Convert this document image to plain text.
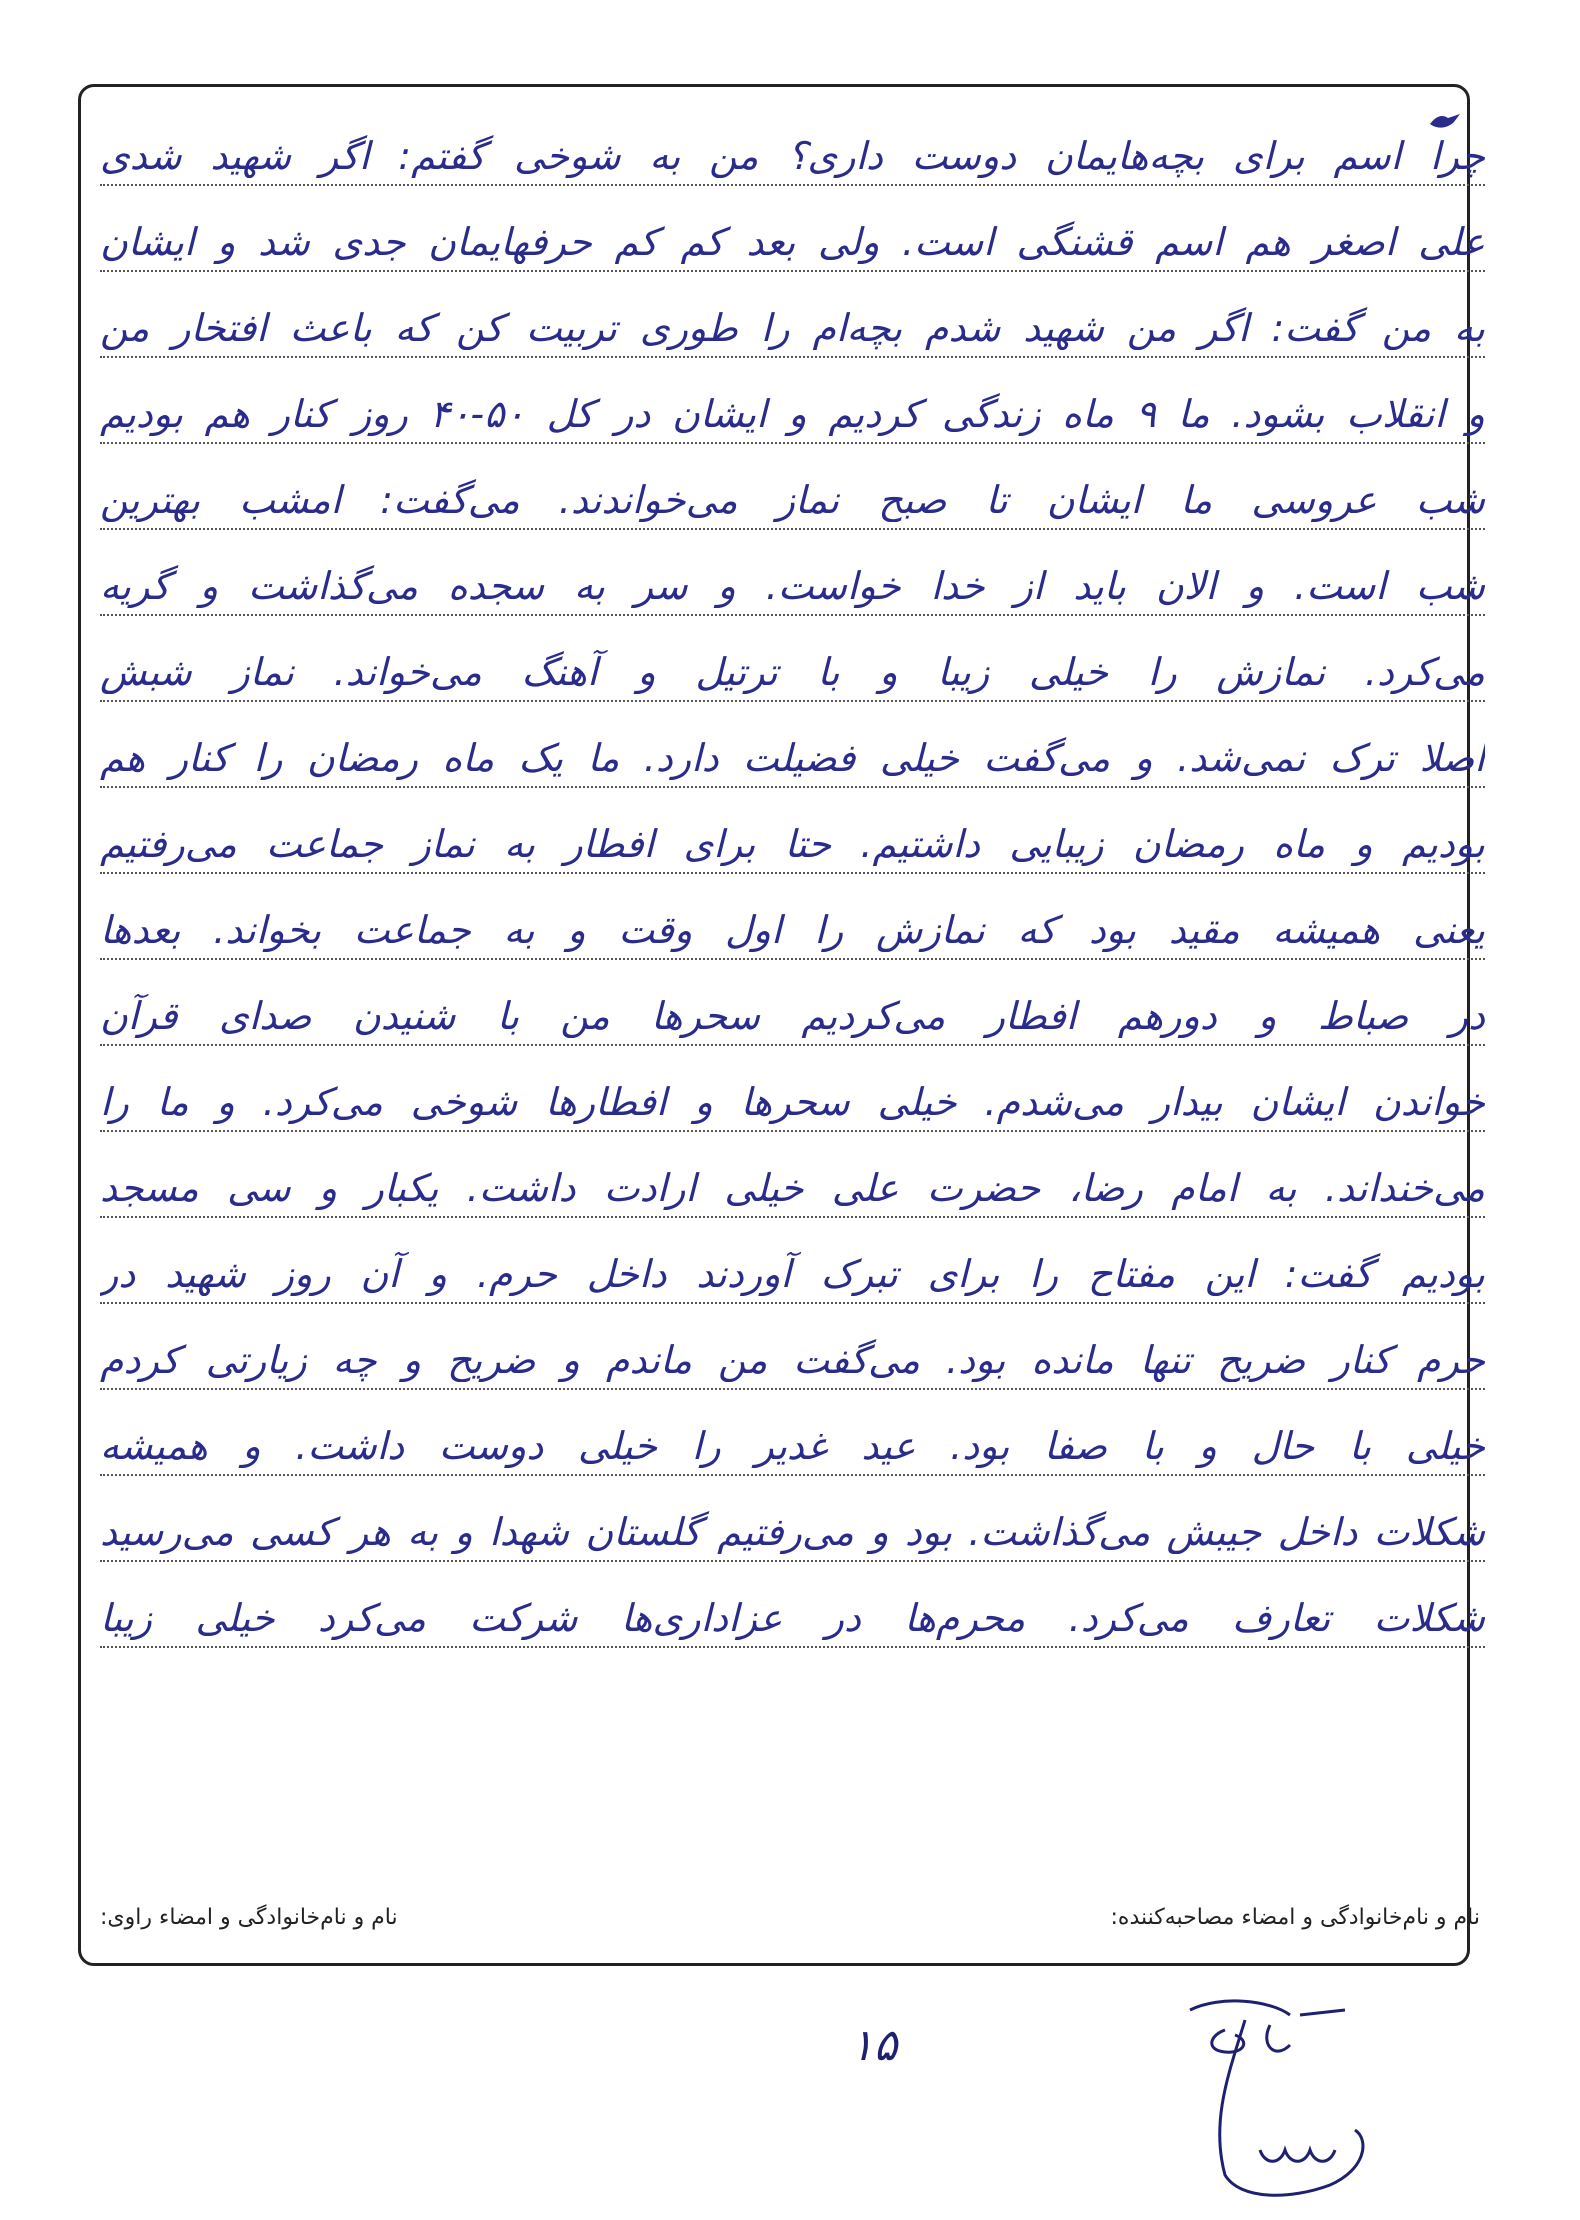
چرا اسم برای بچه‌هایمان دوست داری؟ من به شوخی گفتم: اگر شهید شدی
علی اصغر هم اسم قشنگی است. ولی بعد کم کم حرفهایمان جدی شد و ایشان
به من گفت: اگر من شهید شدم بچه‌ام را طوری تربیت کن که باعث افتخار من
و انقلاب بشود. ما ۹ ماه زندگی کردیم و ایشان در کل ۵۰-۴۰ روز کنار هم بودیم
شب عروسی ما ایشان تا صبح نماز می‌خواندند. می‌گفت: امشب بهترین
شب است. و الان باید از خدا خواست. و سر به سجده می‌گذاشت و گریه
می‌کرد. نمازش را خیلی زیبا و با ترتیل و آهنگ می‌خواند. نماز شبش
اصلا ترک نمی‌شد. و می‌گفت خیلی فضیلت دارد. ما یک ماه رمضان را کنار هم
بودیم و ماه رمضان زیبایی داشتیم. حتا برای افطار به نماز جماعت می‌رفتیم
یعنی همیشه مقید بود که نمازش را اول وقت و به جماعت بخواند. بعدها
در صباط و دورهم افطار می‌کردیم سحرها من با شنیدن صدای قرآن
خواندن ایشان بیدار می‌شدم. خیلی سحرها و افطارها شوخی می‌کرد. و ما را
می‌خنداند. به امام رضا، حضرت علی خیلی ارادت داشت. یکبار و سی مسجد
بودیم گفت: این مفتاح را برای تبرک آوردند داخل حرم. و آن روز شهید در
حرم کنار ضریح تنها مانده بود. می‌گفت من ماندم و ضریح و چه زیارتی کردم
خیلی با حال و با صفا بود. عید غدیر را خیلی دوست داشت. و همیشه
شکلات داخل جیبش می‌گذاشت. بود و می‌رفتیم گلستان شهدا و به هر کسی می‌رسید
شکلات تعارف می‌کرد. محرم‌ها در عزاداری‌ها شرکت می‌کرد خیلی زیبا
نام و نام‌خانوادگی و امضاء مصاحبه‌کننده:
نام و نام‌خانوادگی و امضاء راوی:
۱۵
